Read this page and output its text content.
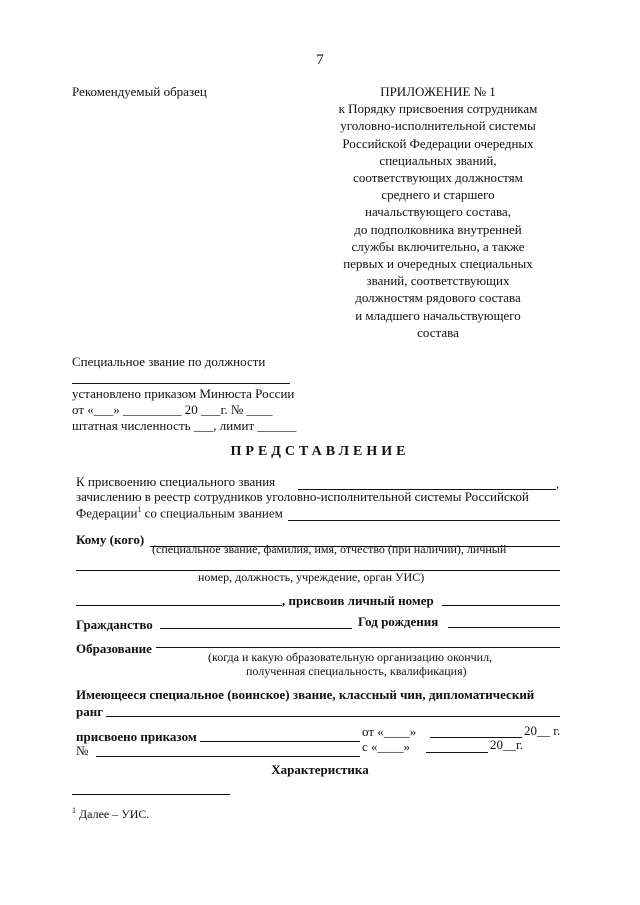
7
Рекомендуемый образец	ПРИЛОЖЕНИЕ № 1
к Порядку присвоения сотрудникам
уголовно-исполнительной системы
Российской Федерации очередных
специальных званий,
соответствующих должностям
среднего и старшего
начальствующего состава,
до подполковника внутренней
службы включительно, а также
первых и очередных специальных
званий, соответствующих
должностям рядового состава
и младшего начальствующего
состава
Специальное звание по должности
установлено приказом Минюста России
от «___» _________ 20 ___г. № ____
штатная численность ___, лимит ______
ПРЕДСТАВЛЕНИЕ
К присвоению специального звания	,
зачислению в реестр сотрудников уголовно-исполнительной системы Российской
Федерации$^1$ со специальным званием
Кому (кого)
(специальное звание, фамилия, имя, отчество (при наличии), личный
номер, должность, учреждение, орган УИС)
, присвоив личный номер
Гражданство	Год рождения
Образование
(когда и какую образовательную организацию окончил,
полученная специальность, квалификация)
Имеющееся специальное (воинское) звание, классный чин, дипломатический
ранг
присвоено приказом	от «____»	20__ г.
№	с «____»	20__г.
Характеристика
$^1$ Далее – УИС.
